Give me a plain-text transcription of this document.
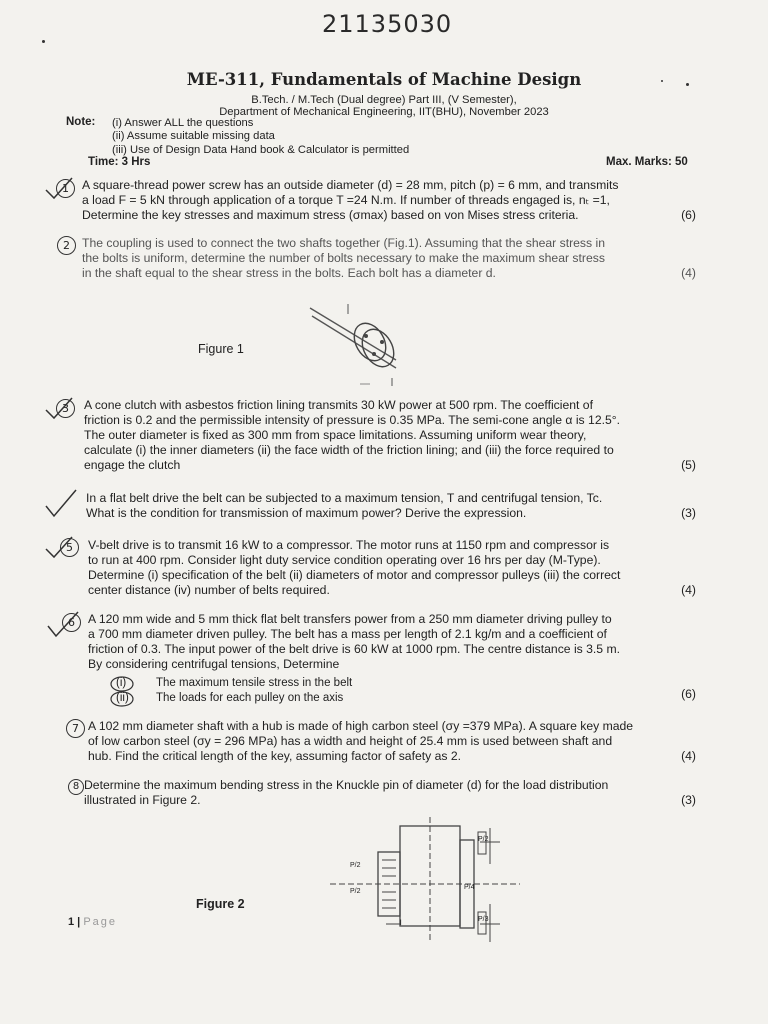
21135030
ME-311, Fundamentals of Machine Design
B.Tech. / M.Tech (Dual degree) Part III, (V Semester),
Department of Mechanical Engineering, IIT(BHU), November 2023
Note: (i) Answer ALL the questions
(ii) Assume suitable missing data
(iii) Use of Design Data Hand book & Calculator is permitted
Time: 3 Hrs	Max. Marks: 50
1	A square-thread power screw has an outside diameter (d) = 28 mm, pitch (p) = 6 mm, and transmits
a load F = 5 kN through application of a torque T =24 N.m. If number of threads engaged is, nₜ =1,
Determine the key stresses and maximum stress (σmax) based on von Mises stress criteria.	(6)
2 The coupling is used to connect the two shafts together (Fig.1). Assuming that the shear stress in
the bolts is uniform, determine the number of bolts necessary to make the maximum shear stress
in the shaft equal to the shear stress in the bolts. Each bolt has a diameter d.	(4)
Figure 1
3	A cone clutch with asbestos friction lining transmits 30 kW power at 500 rpm. The coefficient of
friction is 0.2 and the permissible intensity of pressure is 0.35 MPa. The semi-cone angle α is 12.5°.
The outer diameter is fixed as 300 mm from space limitations. Assuming uniform wear theory,
calculate (i) the inner diameters (ii) the face width of the friction lining; and (iii) the force required to
engage the clutch	(5)
In a flat belt drive the belt can be subjected to a maximum tension, T and centrifugal tension, Tc.
What is the condition for transmission of maximum power? Derive the expression.	(3)
5	V-belt drive is to transmit 16 kW to a compressor. The motor runs at 1150 rpm and compressor is
to run at 400 rpm. Consider light duty service condition operating over 16 hrs per day (M-Type).
Determine (i) specification of the belt (ii) diameters of motor and compressor pulleys (iii) the correct
center distance (iv) number of belts required.	(4)
6	A 120 mm wide and 5 mm thick flat belt transfers power from a 250 mm diameter driving pulley to
a 700 mm diameter driven pulley. The belt has a mass per length of 2.1 kg/m and a coefficient of
friction of 0.3. The input power of the belt drive is 60 kW at 1000 rpm. The centre distance is 3.5 m.
By considering centrifugal tensions, Determine
(6)
(i)	The maximum tensile stress in the belt
(ii) The loads for each pulley on the axis
7 A 102 mm diameter shaft with a hub is made of high carbon steel (σy =379 MPa). A square key made
of low carbon steel (σy = 296 MPa) has a width and height of 25.4 mm is used between shaft and
hub. Find the critical length of the key, assuming factor of safety as 2.	(4)
8 Determine the maximum bending stress in the Knuckle pin of diameter (d) for the load distribution
illustrated in Figure 2.	(3)
Figure 2
P/2
P/2
P/2
P/3
P/4
l
1 | Page
